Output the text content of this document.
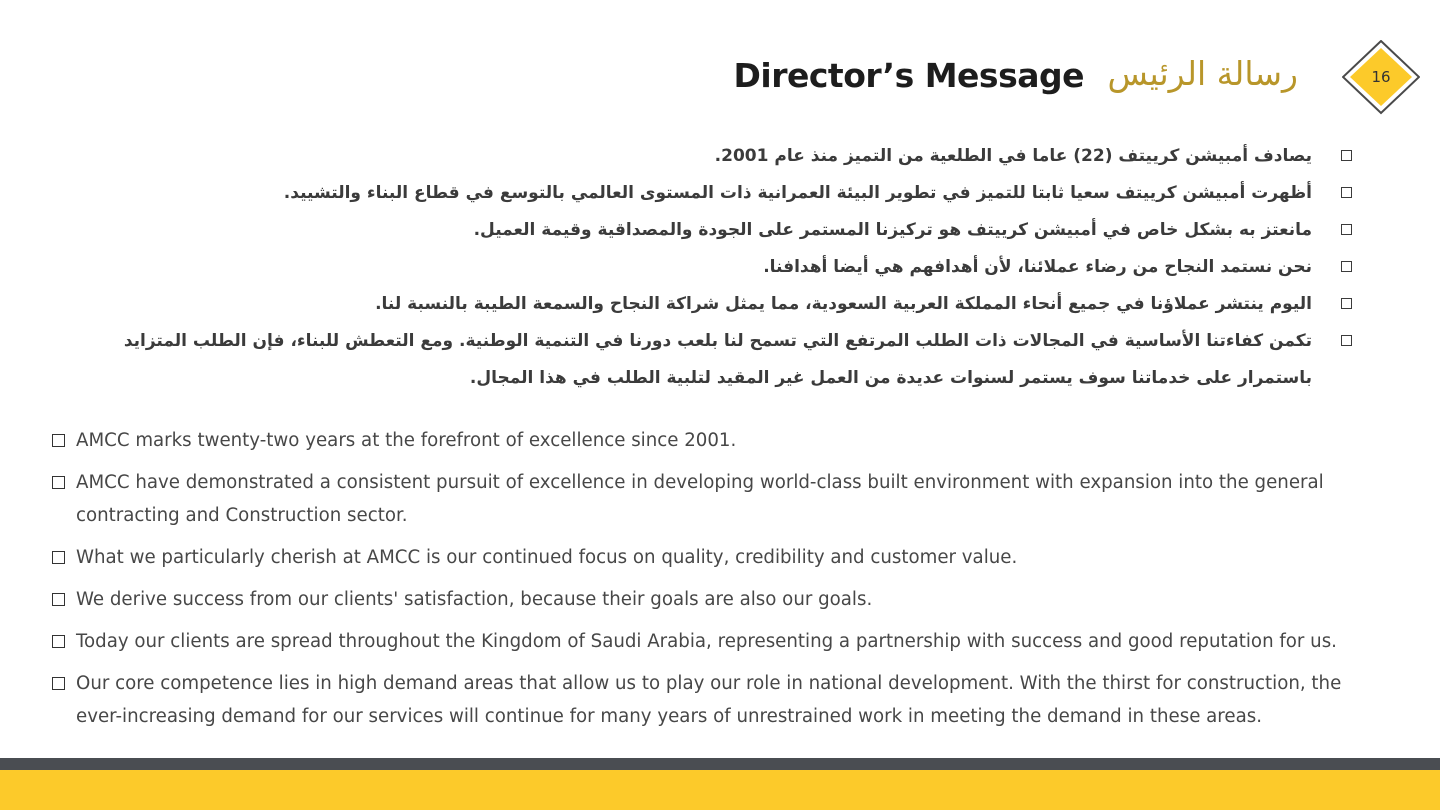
Director’s Message رسالة الرئيس	16
يصادف أمبيشن كرييتف (22) عاما في الطلعية من التميز منذ عام 2001.
أظهرت أمبيشن كرييتف سعيا ثابتا للتميز في تطوير البيئة العمرانية ذات المستوى العالمي بالتوسع في قطاع البناء والتشييد.
مانعتز به بشكل خاص في أمبيشن كرييتف هو تركيزنا المستمر على الجودة والمصداقية وقيمة العميل.
نحن نستمد النجاح من رضاء عملائنا، لأن أهدافهم هي أيضا أهدافنا.
اليوم ينتشر عملاؤنا في جميع أنحاء المملكة العربية السعودية، مما يمثل شراكة النجاح والسمعة الطيبة بالنسبة لنا.
تكمن كفاءتنا الأساسية في المجالات ذات الطلب المرتفع التي تسمح لنا بلعب دورنا في التنمية الوطنية. ومع التعطش للبناء، فإن الطلب المتزايد باستمرار على خدماتنا سوف يستمر لسنوات عديدة من العمل غير المقيد لتلبية الطلب في هذا المجال.
AMCC marks twenty-two years at the forefront of excellence since 2001.
AMCC have demonstrated a consistent pursuit of excellence in developing world-class built environment with expansion into the general contracting and Construction sector.
What we particularly cherish at AMCC is our continued focus on quality, credibility and customer value.
We derive success from our clients' satisfaction, because their goals are also our goals.
Today our clients are spread throughout the Kingdom of Saudi Arabia, representing a partnership with success and good reputation for us.
Our core competence lies in high demand areas that allow us to play our role in national development. With the thirst for construction, the ever-increasing demand for our services will continue for many years of unrestrained work in meeting the demand in these areas.
